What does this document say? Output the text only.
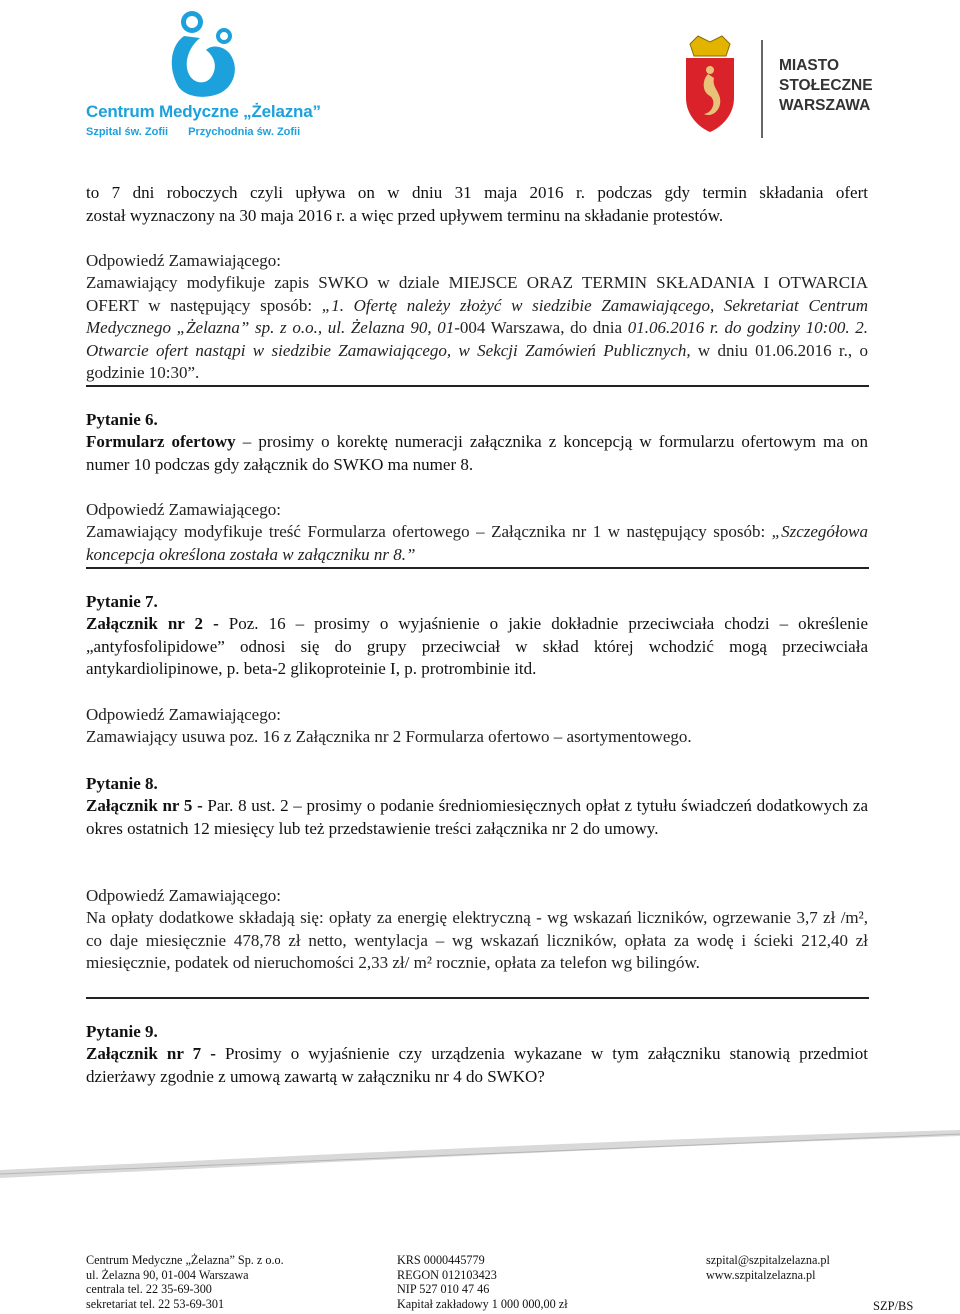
Centrum Medyczne „Żelazna”
Szpital św. Zofii Przychodnia św. Zofii
MIASTO
STOŁECZNE
WARSZAWA
to 7 dni roboczych czyli upływa on w dniu 31 maja 2016 r. podczas gdy termin składania ofert
został wyznaczony na 30 maja 2016 r. a więc przed upływem terminu na składanie protestów.
Odpowiedź Zamawiającego:
Zamawiający modyfikuje zapis SWKO w dziale MIEJSCE ORAZ TERMIN SKŁADANIA I OTWARCIA OFERT w następujący sposób: „1. Ofertę należy złożyć w siedzibie Zamawiającego, Sekretariat Centrum Medycznego „Żelazna” sp. z o.o., ul. Żelazna 90, 01-004 Warszawa, do dnia 01.06.2016 r. do godziny 10:00. 2. Otwarcie ofert nastąpi w siedzibie Zamawiającego, w Sekcji Zamówień Publicznych, w dniu 01.06.2016 r., o godzinie 10:30”.
Pytanie 6.
Formularz ofertowy – prosimy o korektę numeracji załącznika z koncepcją w formularzu ofertowym ma on numer 10 podczas gdy załącznik do SWKO ma numer 8.
Odpowiedź Zamawiającego:
Zamawiający modyfikuje treść Formularza ofertowego – Załącznika nr 1 w następujący sposób: „Szczegółowa koncepcja określona została w załączniku nr 8.”
Pytanie 7.
Załącznik nr 2 - Poz. 16 – prosimy o wyjaśnienie o jakie dokładnie przeciwciała chodzi – określenie „antyfosfolipidowe” odnosi się do grupy przeciwciał w skład której wchodzić mogą przeciwciała antykardiolipinowe, p. beta-2 glikoproteinie I, p. protrombinie itd.
Odpowiedź Zamawiającego:
Zamawiający usuwa poz. 16 z Załącznika nr 2 Formularza ofertowo – asortymentowego.
Pytanie 8.
Załącznik nr 5 - Par. 8 ust. 2 – prosimy o podanie średniomiesięcznych opłat z tytułu świadczeń dodatkowych za okres ostatnich 12 miesięcy lub też przedstawienie treści załącznika nr 2 do umowy.
Odpowiedź Zamawiającego:
Na opłaty dodatkowe składają się: opłaty za energię elektryczną - wg wskazań liczników, ogrzewanie 3,7 zł /m², co daje miesięcznie 478,78 zł netto, wentylacja – wg wskazań liczników, opłata za wodę i ścieki 212,40 zł miesięcznie, podatek od nieruchomości 2,33 zł/ m² rocznie, opłata za telefon wg bilingów.
Pytanie 9.
Załącznik nr 7 - Prosimy o wyjaśnienie czy urządzenia wykazane w tym załączniku stanowią przedmiot dzierżawy zgodnie z umową zawartą w załączniku nr 4 do SWKO?
Centrum Medyczne „Żelazna” Sp. z o.o.
ul. Żelazna 90, 01-004 Warszawa
centrala tel. 22 35-69-300
sekretariat tel. 22 53-69-301
KRS 0000445779
REGON 012103423
NIP 527 010 47 46
Kapitał zakładowy 1 000 000,00 zł
szpital@szpitalzelazna.pl
www.szpitalzelazna.pl
SZP/BS
